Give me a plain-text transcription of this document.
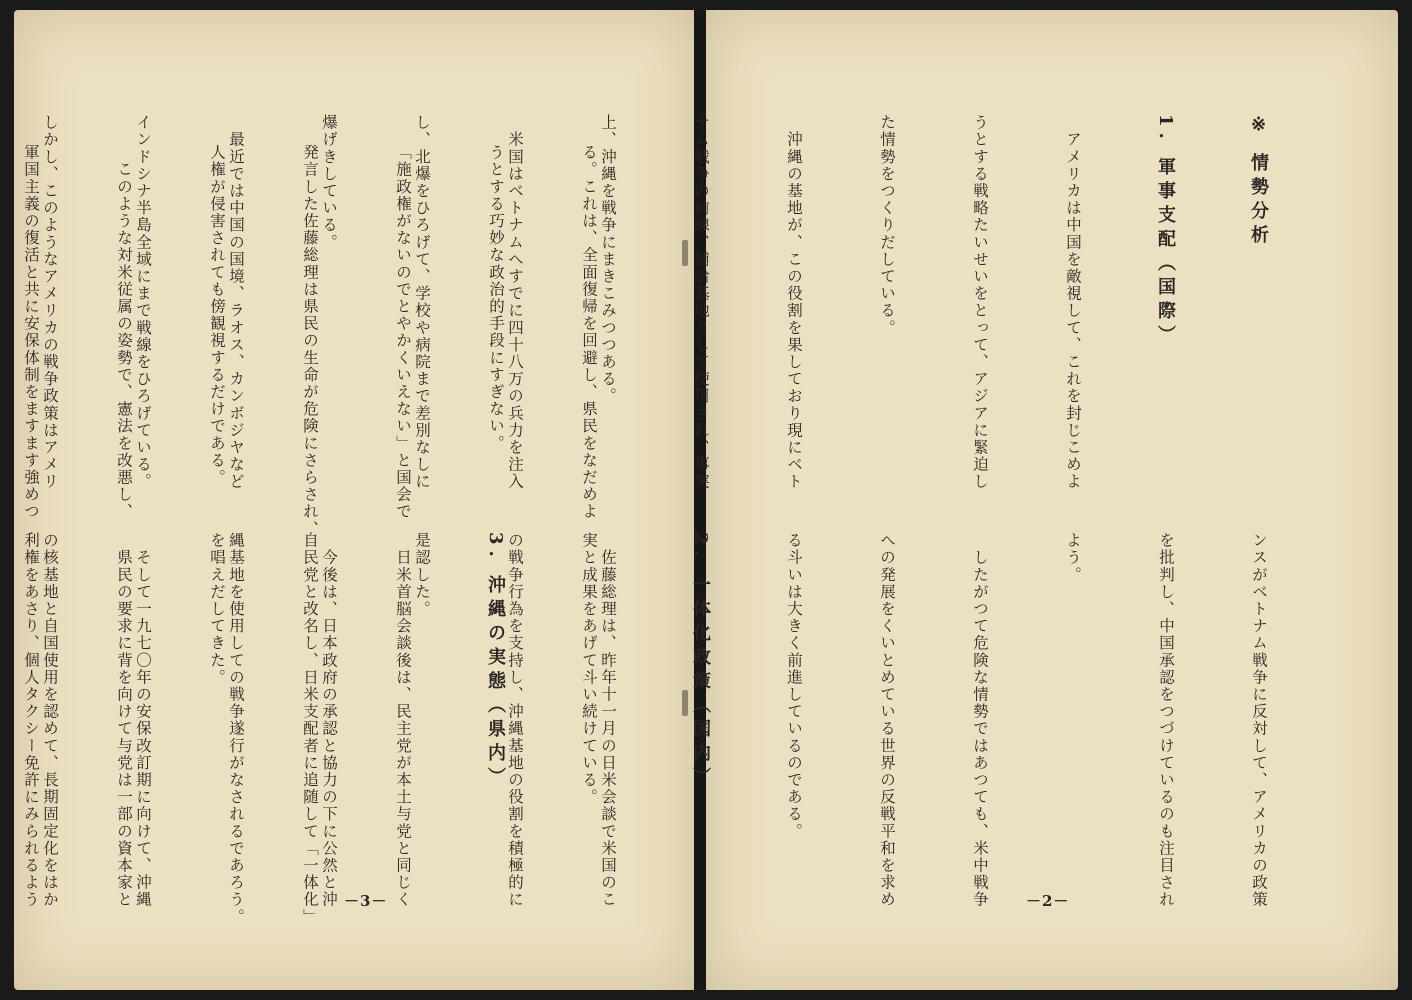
る。これは、全面復帰を回避し、県民をなだめよ

うとする巧妙な政治的手段にすぎない。

「施政権がないのでとやかくいえない」と国会で

発言した佐藤総理は県民の生命が危険にさらされ、

人権が侵害されても傍観視するだけである。

　このような対米従属の姿勢で、憲法を改悪し、

軍国主義の復活と共に安保体制をますます強めつ

実と成果をあげて斗い続けている。

3. 沖縄の実態（県内）

　日米首脳会談後は、民主党が本土与党と同じく

自民党と改名し、日米支配者に追随して「一体化」

を唱えだしてきた。

　県民の要求に背を向けて与党は一部の資本家と

利権をあさり、個人タクシー免許にみられるよう

	－3－

※ 情勢分析

1. 軍事支配（国際）

　アメリカは中国を敵視して、これを封じこめよ

うとする戦略たいせいをとって、アジアに緊迫し

た情勢をつくりだしている。

　沖縄の基地が、この役割を果しており現にベト

ナム戦争の前線、補給基地として使用され、事実

上、沖縄を戦争にまきこみつつある。

　米国はベトナムへすでに四十八万の兵力を注入

し、北爆をひろげて、学校や病院まで差別なしに

爆げきしている。

　最近では中国の国境、ラオス、カンボジヤなど

インドシナ半島全域にまで戦線をひろげている。

しかし、このようなアメリカの戦争政策はアメリ

ンスがベトナム戦争に反対して、アメリカの政策

を批判し、中国承認をつづけているのも注目され

よう。

　したがつて危険な情勢ではあつても、米中戦争

への発展をくいとめている世界の反戦平和を求め

る斗いは大きく前進しているのである。

2. 一体化政策（国内）

　佐藤総理は、昨年十一月の日米会談で米国のこ

の戦争行為を支持し、沖縄基地の役割を積極的に

是認した。

　今後は、日本政府の承認と協力の下に公然と沖

縄基地を使用しての戦争遂行がなされるであろう。

　そして一九七〇年の安保改訂期に向けて、沖縄

の核基地と自国使用を認めて、長期固定化をはか

	－2－
